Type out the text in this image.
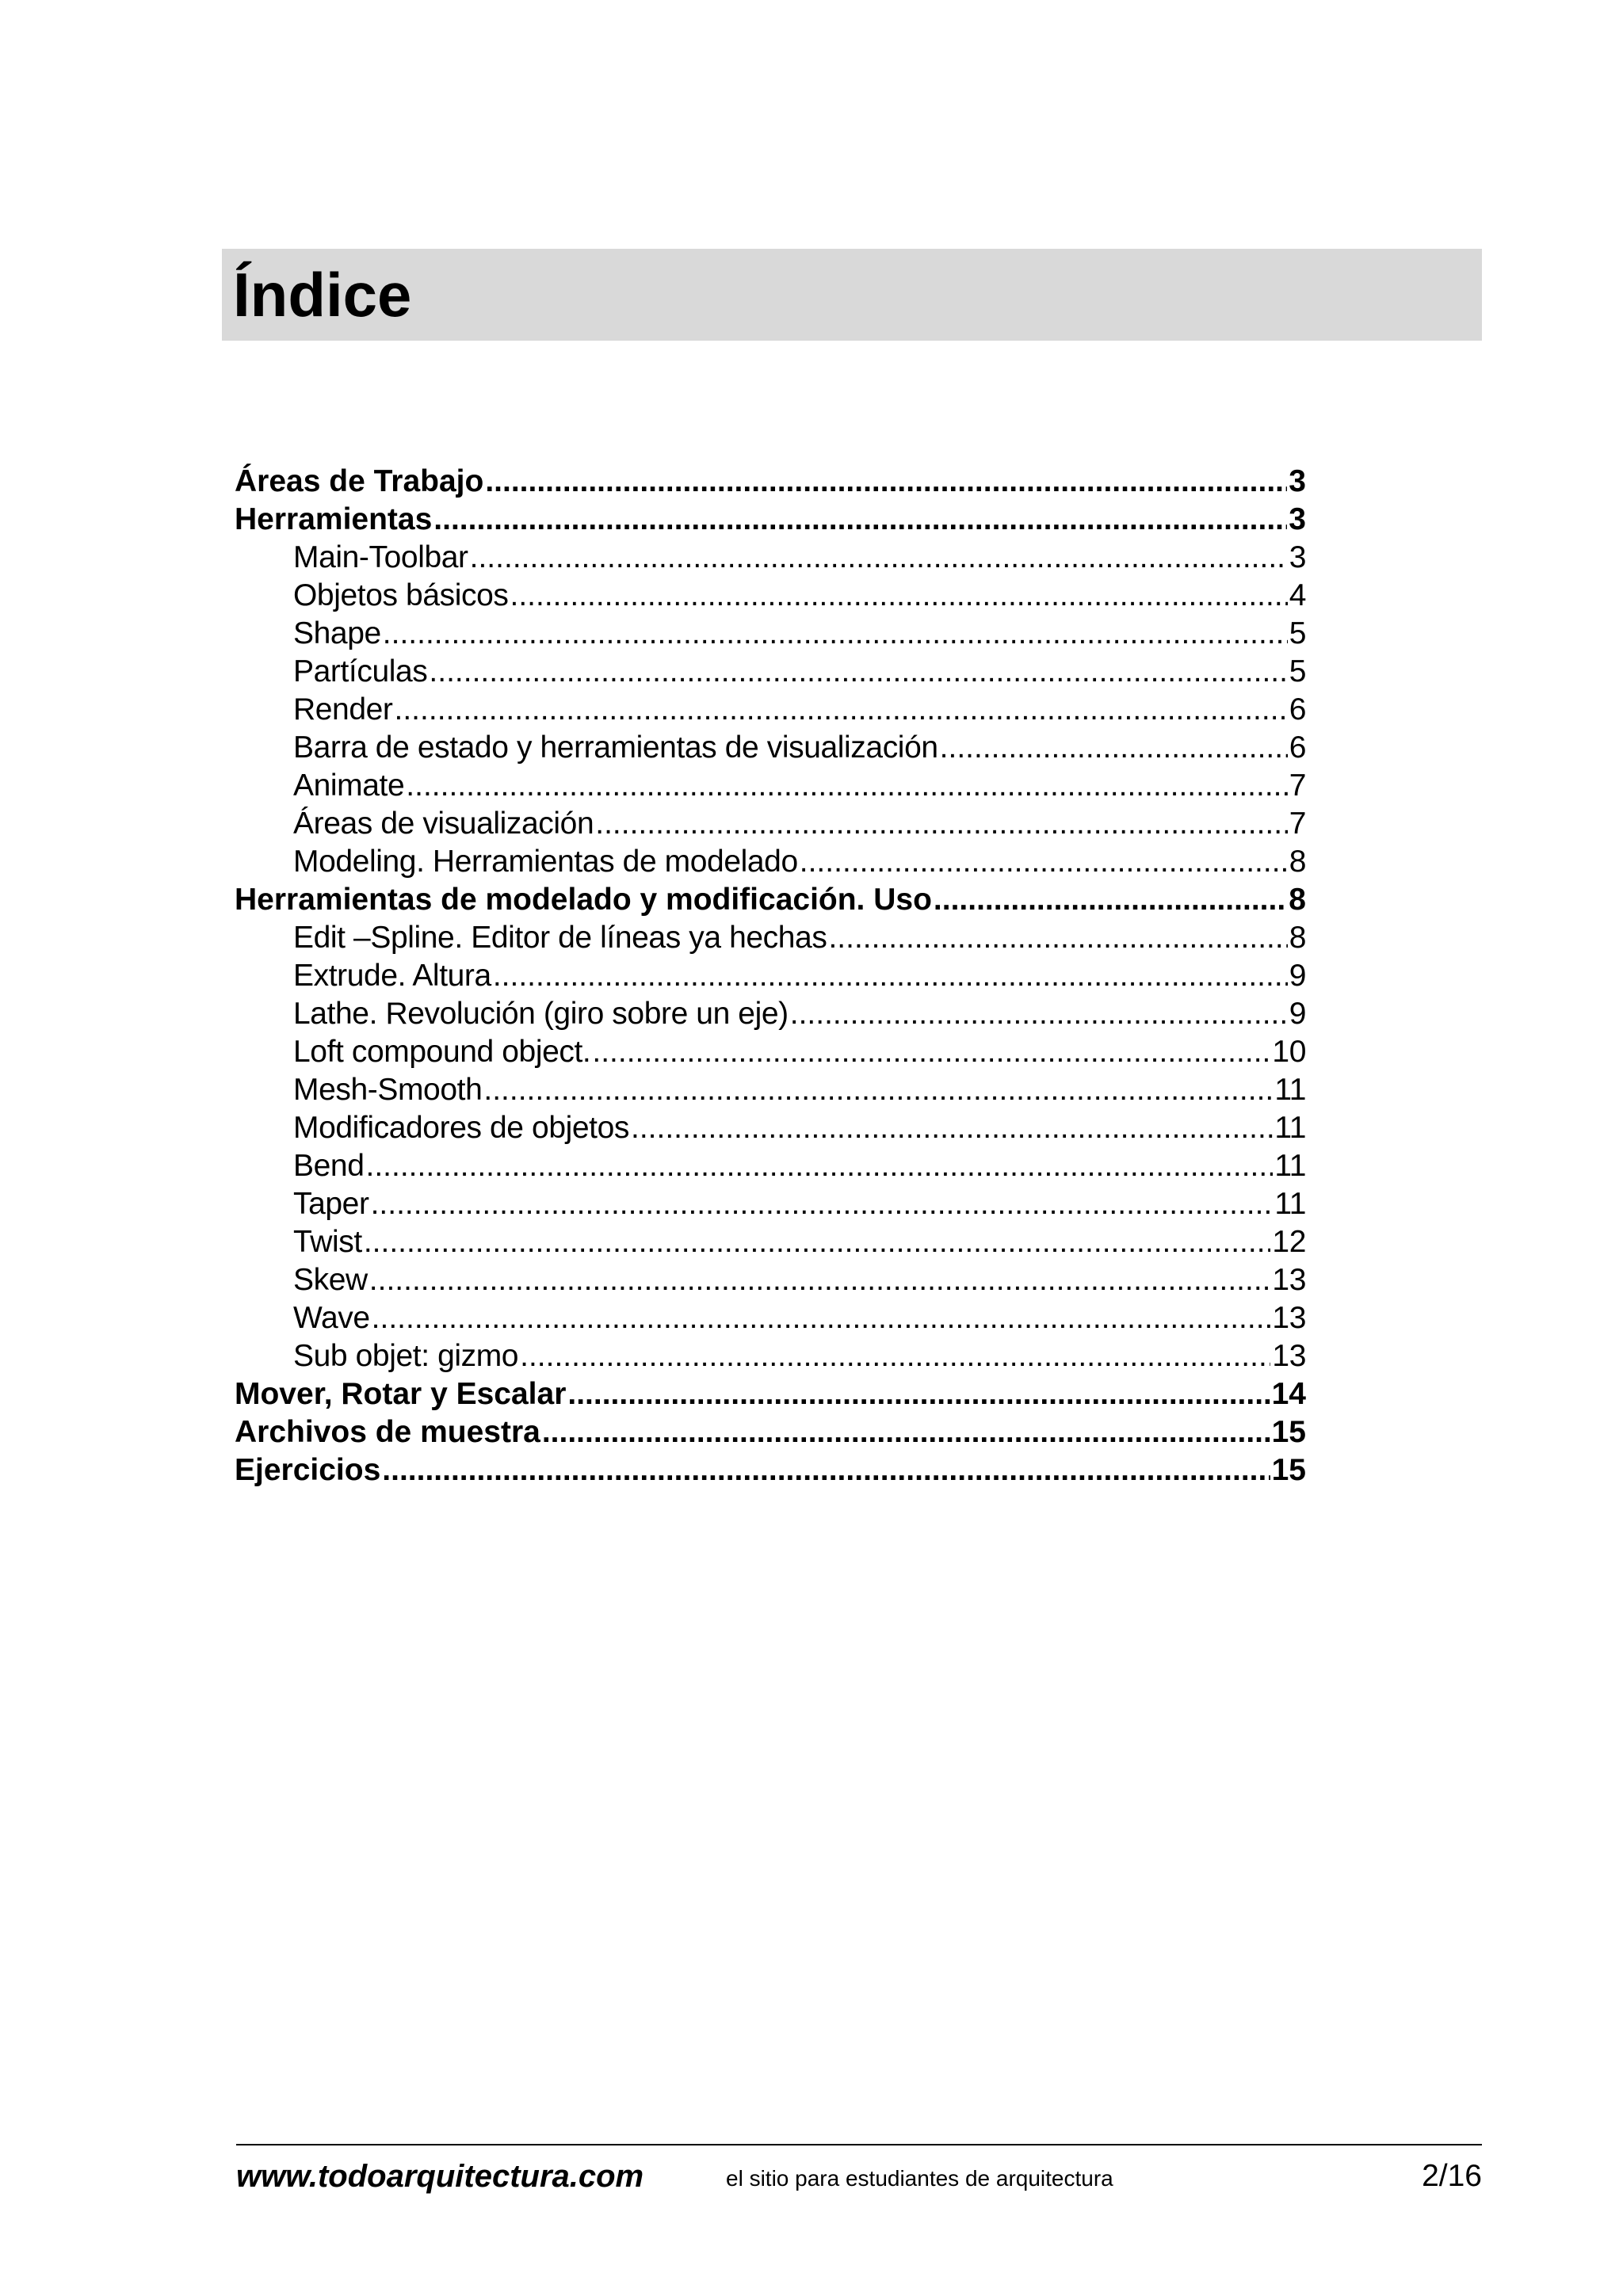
Índice
Áreas de Trabajo .....	3
Herramientas .....	3
Main-Toolbar .....	3
Objetos básicos .....	4
Shape .....	5
Partículas .....	5
Render .....	6
Barra de estado y herramientas de visualización .....	6
Animate .....	7
Áreas de visualización .....	7
Modeling. Herramientas de modelado .....	8
Herramientas de modelado y modificación. Uso .....	8
Edit –Spline. Editor de líneas ya hechas .....	8
Extrude. Altura .....	9
Lathe. Revolución (giro sobre un eje) .....	9
Loft compound object. .....	10
Mesh-Smooth .....	11
Modificadores de objetos .....	11
Bend .....	11
Taper .....	11
Twist .....	12
Skew .....	13
Wave .....	13
Sub objet: gizmo .....	13
Mover, Rotar y Escalar .....	14
Archivos de muestra .....	15
Ejercicios .....	15
www.todoarquitectura.com	el sitio para estudiantes de arquitectura	2/16
